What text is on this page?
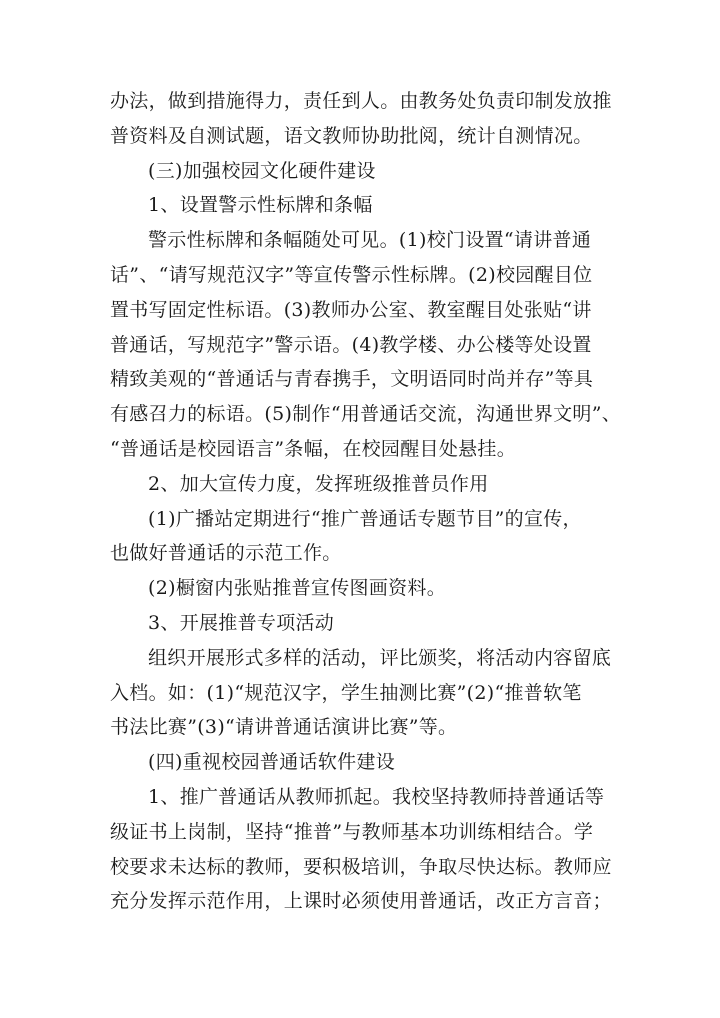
办法，做到措施得力，责任到人。由教务处负责印制发放推
普资料及自测试题，语文教师协助批阅，统计自测情况。
(三)加强校园文化硬件建设
1、设置警示性标牌和条幅
警示性标牌和条幅随处可见。(1)校门设置“请讲普通
话”、“请写规范汉字”等宣传警示性标牌。(2)校园醒目位
置书写固定性标语。(3)教师办公室、教室醒目处张贴“讲
普通话，写规范字”警示语。(4)教学楼、办公楼等处设置
精致美观的“普通话与青春携手，文明语同时尚并存”等具
有感召力的标语。(5)制作“用普通话交流，沟通世界文明”、
“普通话是校园语言”条幅，在校园醒目处悬挂。
2、加大宣传力度，发挥班级推普员作用
(1)广播站定期进行“推广普通话专题节目”的宣传，
也做好普通话的示范工作。
(2)橱窗内张贴推普宣传图画资料。
3、开展推普专项活动
组织开展形式多样的活动，评比颁奖，将活动内容留底
入档。如：(1)“规范汉字，学生抽测比赛”(2)“推普软笔
书法比赛”(3)“请讲普通话演讲比赛”等。
(四)重视校园普通话软件建设
1、推广普通话从教师抓起。我校坚持教师持普通话等
级证书上岗制，坚持“推普”与教师基本功训练相结合。学
校要求未达标的教师，要积极培训，争取尽快达标。教师应
充分发挥示范作用，上课时必须使用普通话，改正方言音；
